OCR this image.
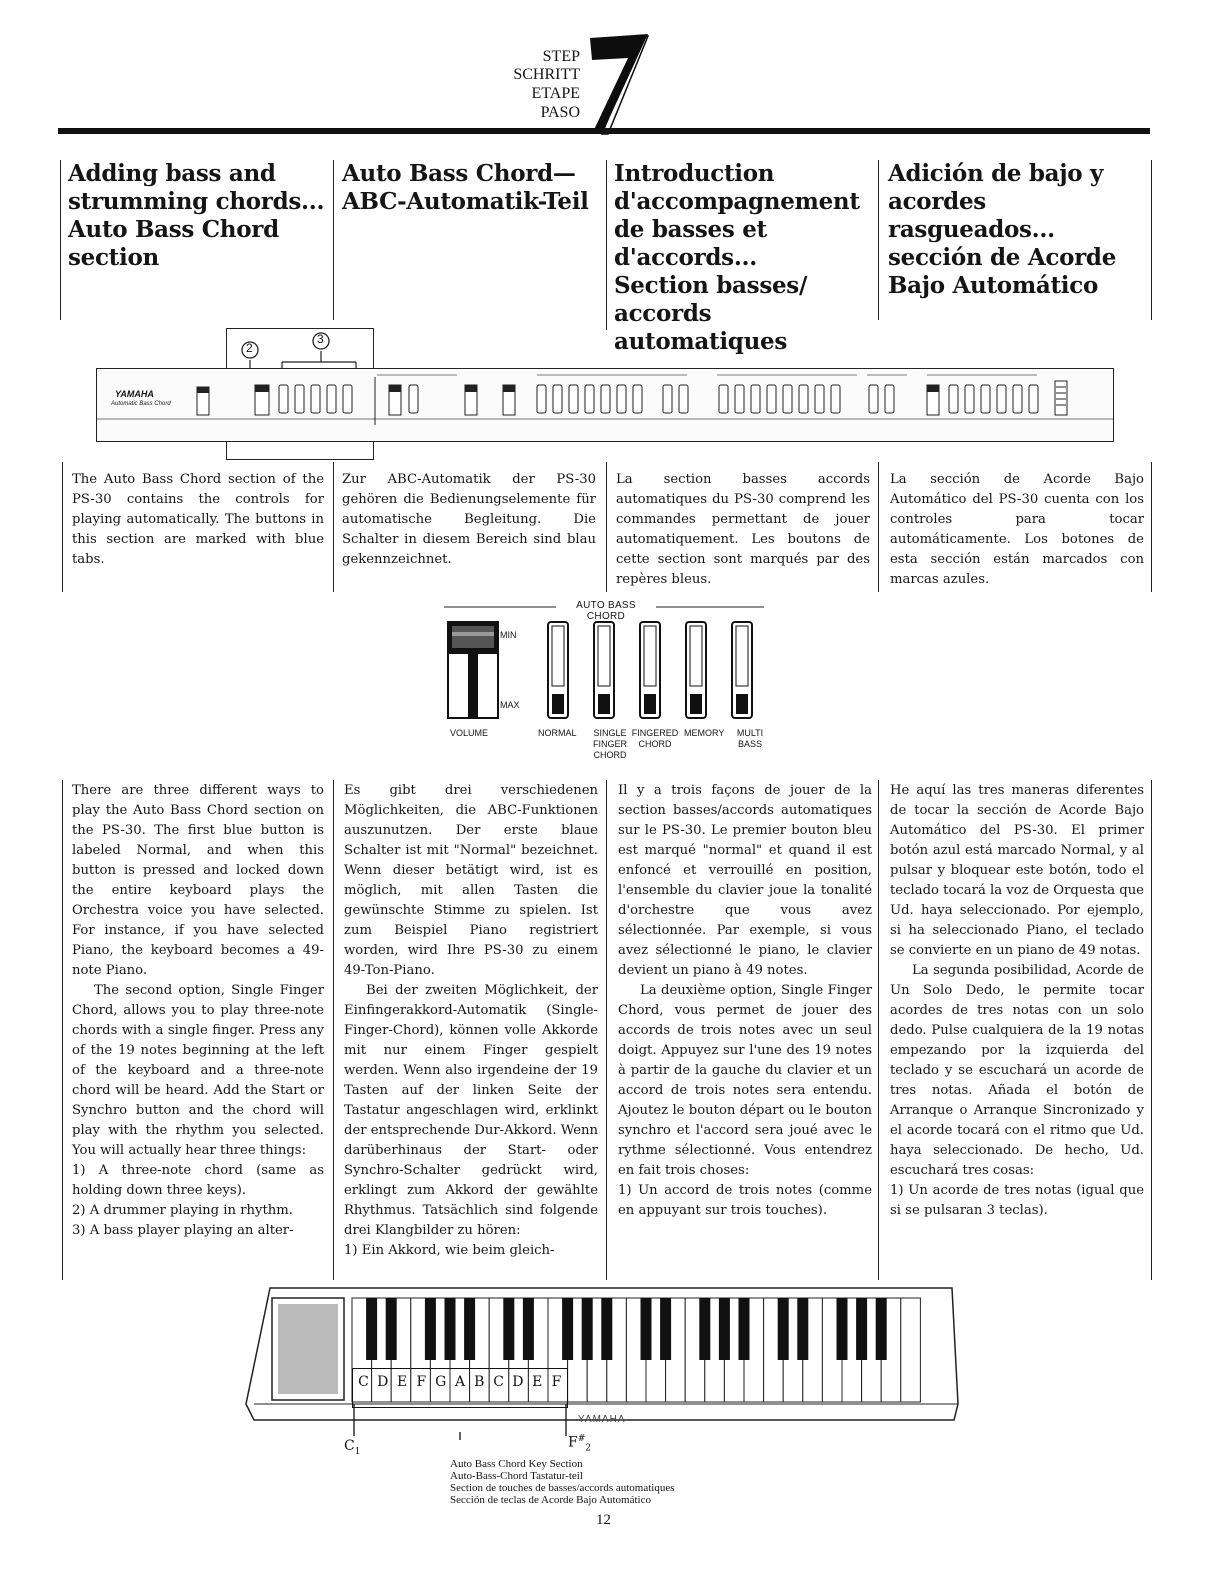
STEP
SCHRITT
ETAPE
PASO
Adding bass and
strumming chords...
Auto Bass Chord
section
Auto Bass Chord—
ABC-Automatik-Teil
Introduction
d'accompagnement
de basses et
d'accords...
Section basses/
accords automatiques
Adición de bajo y
acordes rasgueados...
sección de Acorde
Bajo Automático
2
3
YAMAHA
Automatic Bass Chord
The Auto Bass Chord section of the PS-30 contains the controls for playing automatically. The buttons in this section are marked with blue tabs.
Zur ABC-Automatik der PS-30 gehören die Bedienungselemente für automatische Begleitung. Die Schalter in diesem Bereich sind blau gekennzeichnet.
La section basses accords automatiques du PS-30 comprend les commandes permettant de jouer automatiquement. Les boutons de cette section sont marqués par des repères bleus.
La sección de Acorde Bajo Automático del PS-30 cuenta con los controles para tocar automáticamente. Los botones de esta sección están marcados con marcas azules.
AUTO BASS CHORD
MIN
MAX
VOLUME	NORMAL	SINGLE
FINGER
CHORD
FINGERED
CHORD
MEMORY	MULTI
BASS

There are three different ways to play the Auto Bass Chord section on the PS-30. The first blue button is labeled Normal, and when this button is pressed and locked down the entire keyboard plays the Orchestra voice you have selected. For instance, if you have selected Piano, the keyboard becomes a 49-note Piano.

The second option, Single Finger Chord, allows you to play three-note chords with a single finger. Press any of the 19 notes beginning at the left of the keyboard and a three-note chord will be heard. Add the Start or Synchro button and the chord will play with the rhythm you selected. You will actually hear three things:

1) A three-note chord (same as holding down three keys).

2) A drummer playing in rhythm.

3) A bass player playing an alter-

Es gibt drei verschiedenen Möglichkeiten, die ABC-Funktionen auszunutzen. Der erste blaue Schalter ist mit "Normal" bezeichnet. Wenn dieser betätigt wird, ist es möglich, mit allen Tasten die gewünschte Stimme zu spielen. Ist zum Beispiel Piano registriert worden, wird Ihre PS-30 zu einem 49-Ton-Piano.

Bei der zweiten Möglichkeit, der Einfingerakkord-Automatik (Single-Finger-Chord), können volle Akkorde mit nur einem Finger gespielt werden. Wenn also irgendeine der 19 Tasten auf der linken Seite der Tastatur angeschlagen wird, erklinkt der entsprechende Dur-Akkord. Wenn darüberhinaus der Start- oder Synchro-Schalter gedrückt wird, erklingt zum Akkord der gewählte Rhythmus. Tatsächlich sind folgende drei Klangbilder zu hören:

1) Ein Akkord, wie beim gleich-

Il y a trois façons de jouer de la section basses/accords automatiques sur le PS-30. Le premier bouton bleu est marqué "normal" et quand il est enfoncé et verrouillé en position, l'ensemble du clavier joue la tonalité d'orchestre que vous avez sélectionnée. Par exemple, si vous avez sélectionné le piano, le clavier devient un piano à 49 notes.

La deuxième option, Single Finger Chord, vous permet de jouer des accords de trois notes avec un seul doigt. Appuyez sur l'une des 19 notes à partir de la gauche du clavier et un accord de trois notes sera entendu. Ajoutez le bouton départ ou le bouton synchro et l'accord sera joué avec le rythme sélectionné. Vous entendrez en fait trois choses:

1) Un accord de trois notes (comme en appuyant sur trois touches).

He aquí las tres maneras diferentes de tocar la sección de Acorde Bajo Automático del PS-30. El primer botón azul está marcado Normal, y al pulsar y bloquear este botón, todo el teclado tocará la voz de Orquesta que Ud. haya seleccionado. Por ejemplo, si ha seleccionado Piano, el teclado se convierte en un piano de 49 notas.

La segunda posibilidad, Acorde de Un Solo Dedo, le permite tocar acordes de tres notas con un solo dedo. Pulse cualquiera de la 19 notas empezando por la izquierda del teclado y se escuchará un acorde de tres notas. Añada el botón de Arranque o Arranque Sincronizado y el acorde tocará con el ritmo que Ud. haya seleccionado. De hecho, Ud. escuchará tres cosas:

1) Un acorde de tres notas (igual que si se pulsaran 3 teclas).

C D E F G A B C D E F
YAMAHA
$C_1$
$F^{\#}_2$
Auto Bass Chord Key Section
Auto-Bass-Chord Tastatur-teil
Section de touches de basses/accords automatiques
Sección de teclas de Acorde Bajo Automático
12
